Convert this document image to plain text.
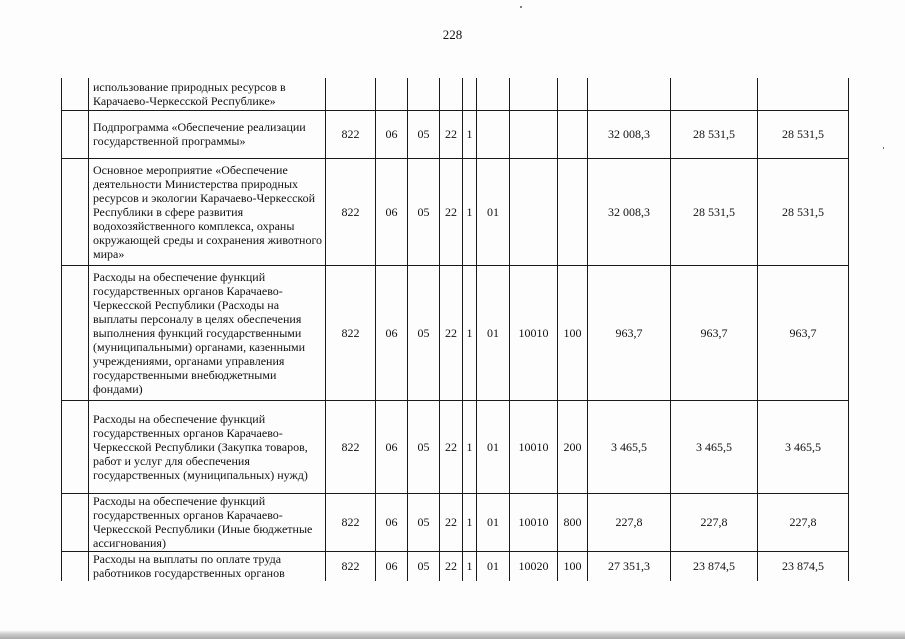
228
	использование природных ресурсов в Карачаево-Черкесской Республике»											
	Подпрограмма «Обеспечение реализации государственной программы»	822	06	05	22	1				32 008,3	28 531,5	28 531,5
	Основное мероприятие «Обеспечение деятельности Министерства природных ресурсов и экологии Карачаево-Черкесской Республики в сфере развития водохозяйственного комплекса, охраны окружающей среды и сохранения животного мира»	822	06	05	22	1	01			32 008,3	28 531,5	28 531,5
	Расходы на обеспечение функций государственных органов Карачаево-Черкесской Республики (Расходы на выплаты персоналу в целях обеспечения выполнения функций государственными (муниципальными) органами, казенными учреждениями, органами управления государственными внебюджетными фондами)	822	06	05	22	1	01	10010	100	963,7	963,7	963,7
	Расходы на обеспечение функций государственных органов Карачаево-Черкесской Республики (Закупка товаров, работ и услуг для обеспечения государственных (муниципальных) нужд)	822	06	05	22	1	01	10010	200	3 465,5	3 465,5	3 465,5
	Расходы на обеспечение функций государственных органов Карачаево-Черкесской Республики (Иные бюджетные ассигнования)	822	06	05	22	1	01	10010	800	227,8	227,8	227,8
	Расходы на выплаты по оплате труда работников государственных органов	822	06	05	22	1	01	10020	100	27 351,3	23 874,5	23 874,5
